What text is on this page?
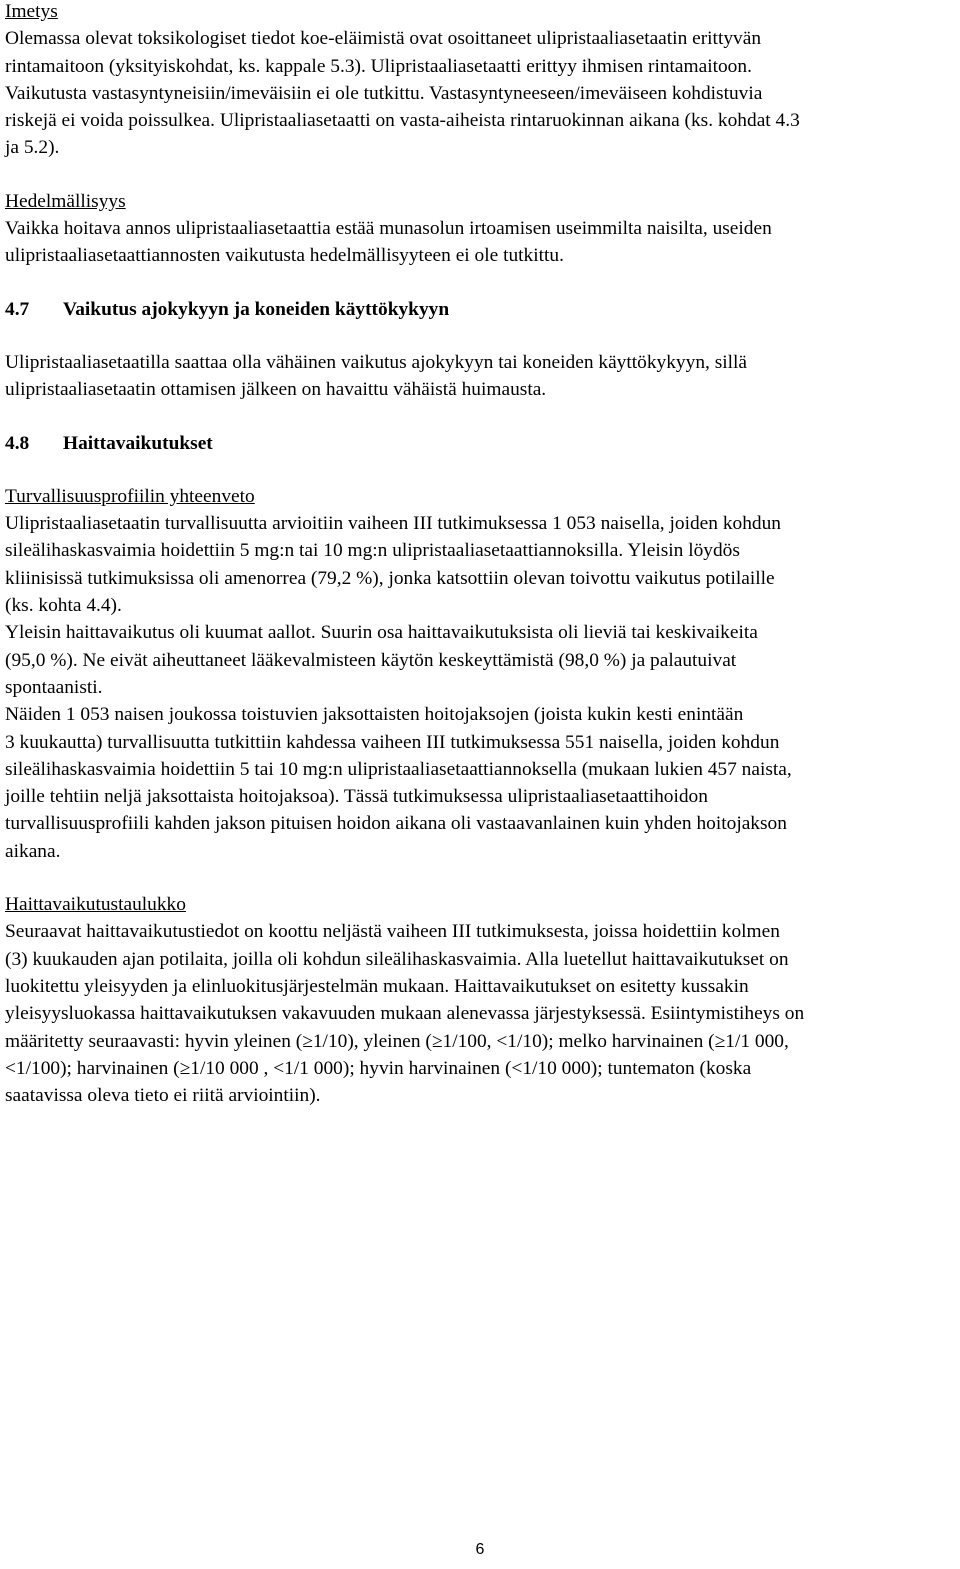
Imetys
Olemassa olevat toksikologiset tiedot koe-eläimistä ovat osoittaneet ulipristaaliasetaatin erittyvän
rintamaitoon (yksityiskohdat, ks. kappale 5.3). Ulipristaaliasetaatti erittyy ihmisen rintamaitoon.
Vaikutusta vastasyntyneisiin/imeväisiin ei ole tutkittu. Vastasyntyneeseen/imeväiseen kohdistuvia
riskejä ei voida poissulkea. Ulipristaaliasetaatti on vasta-aiheista rintaruokinnan aikana (ks. kohdat 4.3
ja 5.2).
Hedelmällisyys
Vaikka hoitava annos ulipristaaliasetaattia estää munasolun irtoamisen useimmilta naisilta, useiden
ulipristaaliasetaattiannosten vaikutusta hedelmällisyyteen ei ole tutkittu.
4.7	Vaikutus ajokykyyn ja koneiden käyttökykyyn
Ulipristaaliasetaatilla saattaa olla vähäinen vaikutus ajokykyyn tai koneiden käyttökykyyn, sillä
ulipristaaliasetaatin ottamisen jälkeen on havaittu vähäistä huimausta.
4.8	Haittavaikutukset
Turvallisuusprofiilin yhteenveto
Ulipristaaliasetaatin turvallisuutta arvioitiin vaiheen III tutkimuksessa 1 053 naisella, joiden kohdun
sileälihaskasvaimia hoidettiin 5 mg:n tai 10 mg:n ulipristaaliasetaattiannoksilla. Yleisin löydös
kliinisissä tutkimuksissa oli amenorrea (79,2 %), jonka katsottiin olevan toivottu vaikutus potilaille
(ks. kohta 4.4).
Yleisin haittavaikutus oli kuumat aallot. Suurin osa haittavaikutuksista oli lieviä tai keskivaikeita
(95,0 %). Ne eivät aiheuttaneet lääkevalmisteen käytön keskeyttämistä (98,0 %) ja palautuivat
spontaanisti.
Näiden 1 053 naisen joukossa toistuvien jaksottaisten hoitojaksojen (joista kukin kesti enintään
3 kuukautta) turvallisuutta tutkittiin kahdessa vaiheen III tutkimuksessa 551 naisella, joiden kohdun
sileälihaskasvaimia hoidettiin 5 tai 10 mg:n ulipristaaliasetaattiannoksella (mukaan lukien 457 naista,
joille tehtiin neljä jaksottaista hoitojaksoa). Tässä tutkimuksessa ulipristaaliasetaattihoidon
turvallisuusprofiili kahden jakson pituisen hoidon aikana oli vastaavanlainen kuin yhden hoitojakson
aikana.
Haittavaikutustaulukko
Seuraavat haittavaikutustiedot on koottu neljästä vaiheen III tutkimuksesta, joissa hoidettiin kolmen
(3) kuukauden ajan potilaita, joilla oli kohdun sileälihaskasvaimia. Alla luetellut haittavaikutukset on
luokitettu yleisyyden ja elinluokitusjärjestelmän mukaan. Haittavaikutukset on esitetty kussakin
yleisyysluokassa haittavaikutuksen vakavuuden mukaan alenevassa järjestyksessä. Esiintymistiheys on
määritetty seuraavasti: hyvin yleinen (≥1/10), yleinen (≥1/100, <1/10); melko harvinainen (≥1/1 000,
<1/100); harvinainen (≥1/10 000 , <1/1 000); hyvin harvinainen (<1/10 000); tuntematon (koska
saatavissa oleva tieto ei riitä arviointiin).
6
